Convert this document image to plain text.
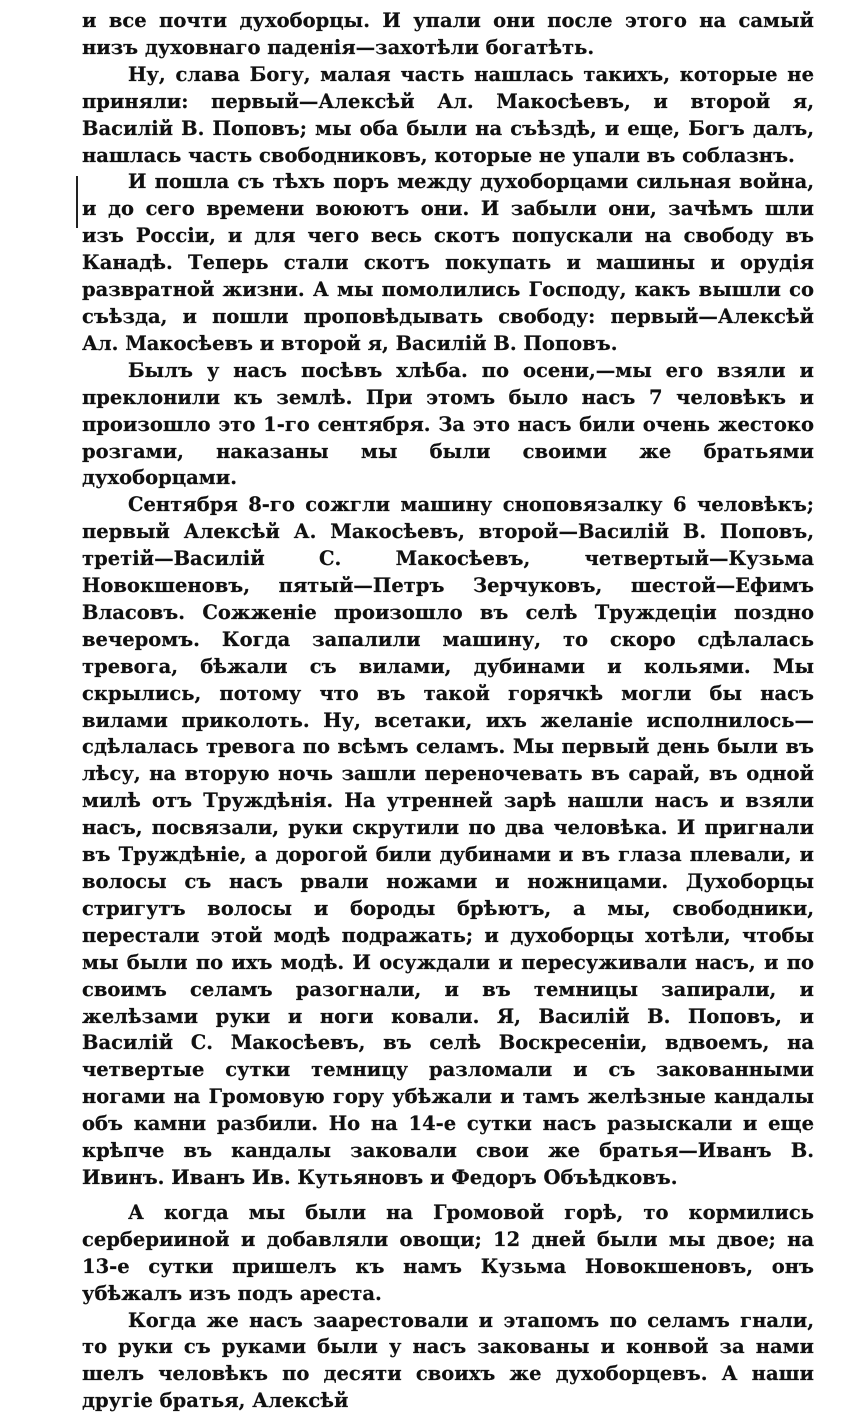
и все почти духоборцы. И упали они после этого на самый низъ духовнаго паденія—захотѣли богатѣть.

Ну, слава Богу, малая часть нашлась такихъ, которые не приняли: первый—Алексѣй Ал. Макосѣевъ, и второй я, Василій В. Поповъ; мы оба были на съѣздѣ, и еще, Богъ далъ, нашлась часть свободниковъ, которые не упали въ соблазнъ.

И пошла съ тѣхъ поръ между духоборцами сильная война, и до сего времени воюютъ они. И забыли они, зачѣмъ шли изъ Россіи, и для чего весь скотъ попускали на свободу въ Канадѣ. Теперь стали скотъ покупать и машины и орудія развратной жизни. А мы помолились Господу, какъ вышли со съѣзда, и пошли проповѣдывать свободу: первый—Алексѣй Ал. Макосѣевъ и второй я, Василій В. Поповъ.

Былъ у насъ посѣвъ хлѣба. по осени,—мы его взяли и преклонили къ землѣ. При этомъ было насъ 7 человѣкъ и произошло это 1-го сентября. За это насъ били очень жестоко розгами, наказаны мы были своими же братьями духоборцами.

Сентября 8-го сожгли машину сноповязалку 6 человѣкъ; первый Алексѣй А. Макосѣевъ, второй—Василій В. Поповъ, третій—Василій С. Макосѣевъ, четвертый—Кузьма Новокшеновъ, пятый—Петръ Зерчуковъ, шестой—Ефимъ Власовъ. Сожженіе произошло въ селѣ Труждеціи поздно вечеромъ. Когда запалили машину, то скоро сдѣлалась тревога, бѣжали съ вилами, дубинами и кольями. Мы скрылись, потому что въ такой горячкѣ могли бы насъ вилами приколоть. Ну, всетаки, ихъ желаніе исполнилось—сдѣлалась тревога по всѣмъ селамъ. Мы первый день были въ лѣсу, на вторую ночь зашли переночевать въ сарай, въ одной милѣ отъ Труждѣнія. На утренней зарѣ нашли насъ и взяли насъ, посвязали, руки скрутили по два человѣка. И пригнали въ Труждѣніе, а дорогой били дубинами и въ глаза плевали, и волосы съ насъ рвали ножами и ножницами. Духоборцы стригутъ волосы и бороды брѣютъ, а мы, свободники, перестали этой модѣ подражать; и духоборцы хотѣли, чтобы мы были по ихъ модѣ. И осуждали и пересуживали насъ, и по своимъ селамъ разогнали, и въ темницы запирали, и желѣзами руки и ноги ковали. Я, Василій В. Поповъ, и Василій С. Макосѣевъ, въ селѣ Воскресеніи, вдвоемъ, на четвертые сутки темницу разломали и съ закованными ногами на Громовую гору убѣжали и тамъ желѣзные кандалы объ камни разбили. Но на 14-е сутки насъ разыскали и еще крѣпче въ кандалы заковали свои же братья—Иванъ В. Ивинъ. Иванъ Ив. Кутьяновъ и Федоръ Объѣдковъ.

А когда мы были на Громовой горѣ, то кормились серберииной и добавляли овощи; 12 дней были мы двое; на 13-е сутки пришелъ къ намъ Кузьма Новокшеновъ, онъ убѣжалъ изъ подъ ареста.

Когда же насъ заарестовали и этапомъ по селамъ гнали, то руки съ руками были у насъ закованы и конвой за нами шелъ человѣкъ по десяти своихъ же духоборцевъ. А наши другіе братья, Алексѣй
